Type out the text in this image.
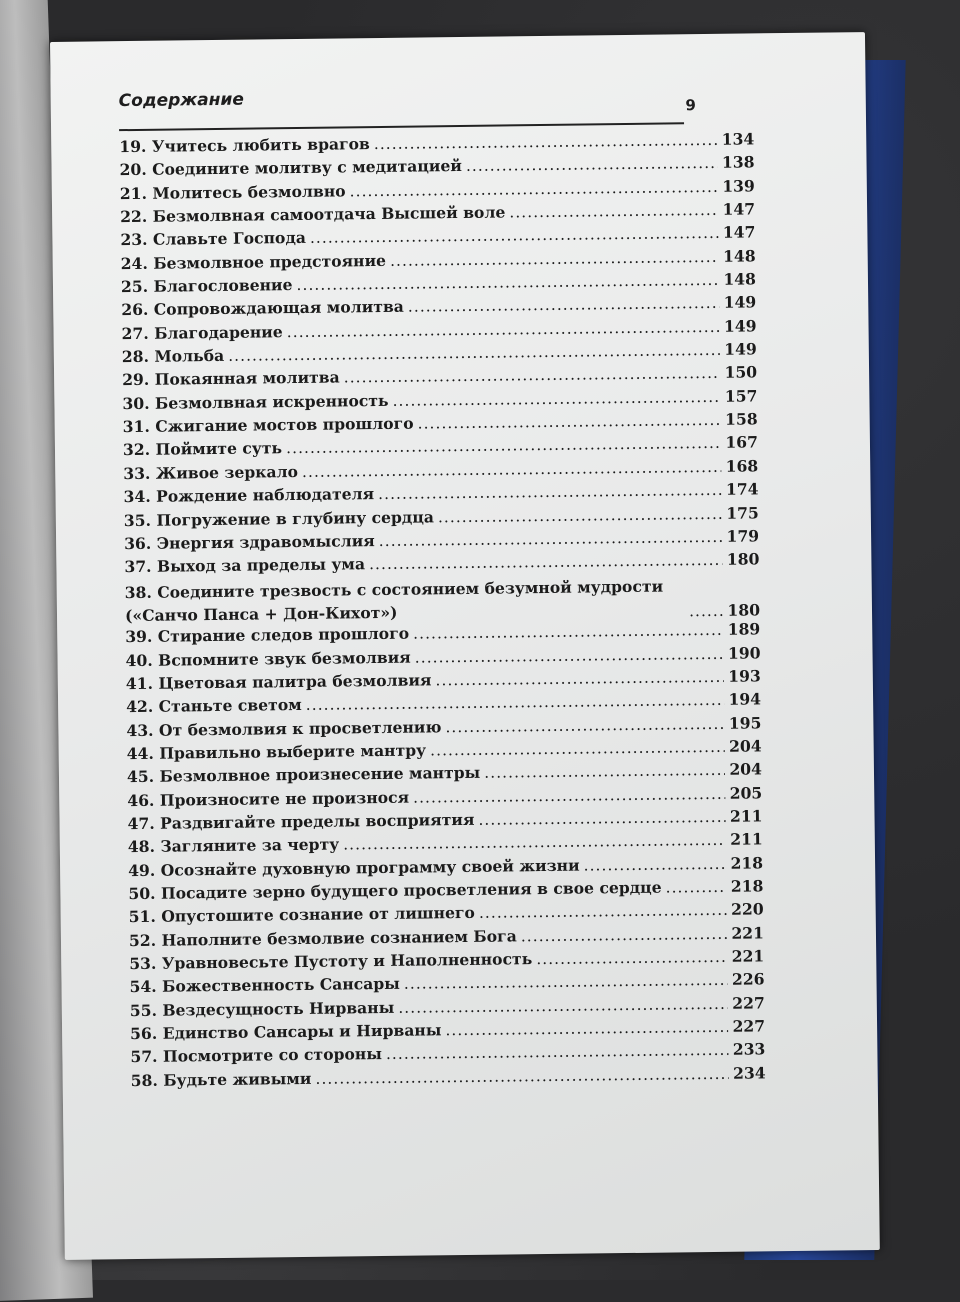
Содержание	9
19. Учитесь любить врагов .....	134
20. Соедините молитву с медитацией .....	138
21. Молитесь безмолвно .....	139
22. Безмолвная самоотдача Высшей воле .....	147
23. Славьте Господа .....	147
24. Безмолвное предстояние .....	148
25. Благословение .....	148
26. Сопровождающая молитва .....	149
27. Благодарение .....	149
28. Мольба .....	149
29. Покаянная молитва .....	150
30. Безмолвная искренность .....	157
31. Сжигание мостов прошлого .....	158
32. Поймите суть .....	167
33. Живое зеркало .....	168
34. Рождение наблюдателя .....	174
35. Погружение в глубину сердца .....	175
36. Энергия здравомыслия .....	179
37. Выход за пределы ума .....	180
38. Соедините трезвость с состоянием безумной мудрости («Санчо Панса + Дон-Кихот») .....	180
39. Стирание следов прошлого .....	189
40. Вспомните звук безмолвия .....	190
41. Цветовая палитра безмолвия .....	193
42. Станьте светом .....	194
43. От безмолвия к просветлению .....	195
44. Правильно выберите мантру .....	204
45. Безмолвное произнесение мантры .....	204
46. Произносите не произнося .....	205
47. Раздвигайте пределы восприятия .....	211
48. Загляните за черту .....	211
49. Осознайте духовную программу своей жизни .....	218
50. Посадите зерно будущего просветления в свое сердце .....	218
51. Опустошите сознание от лишнего .....	220
52. Наполните безмолвие сознанием Бога .....	221
53. Уравновесьте Пустоту и Наполненность .....	221
54. Божественность Сансары .....	226
55. Вездесущность Нирваны .....	227
56. Единство Сансары и Нирваны .....	227
57. Посмотрите со стороны .....	233
58. Будьте живыми .....	234
